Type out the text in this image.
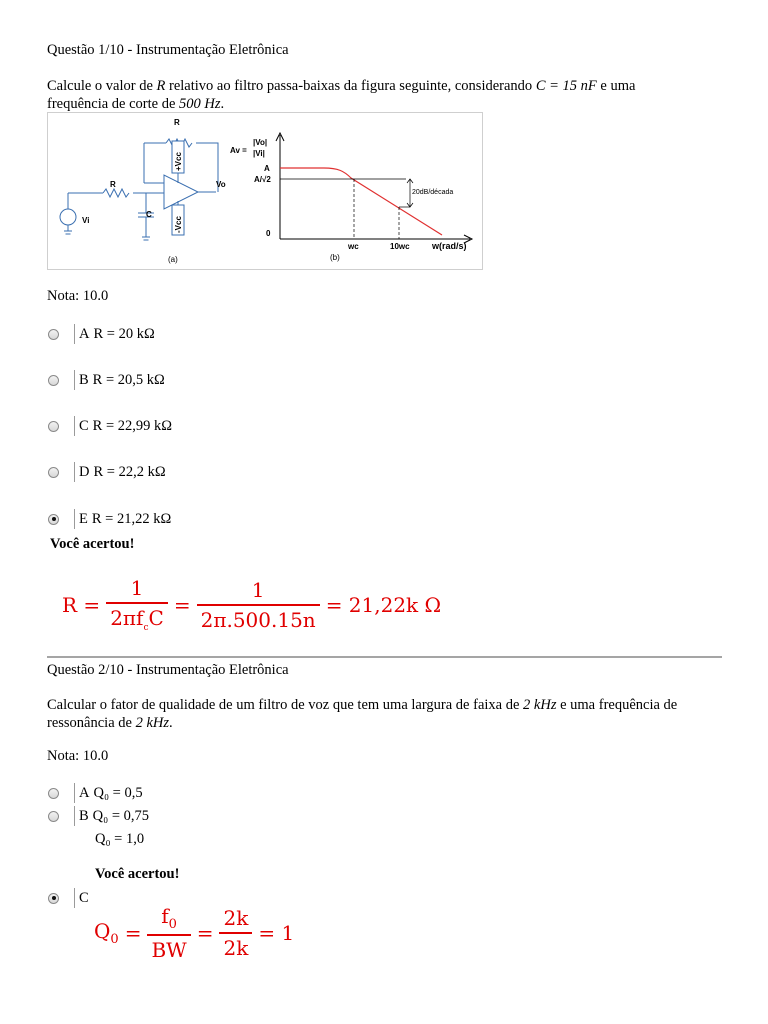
Questão 1/10 - Instrumentação Eletrônica
Calcule o valor de R relativo ao filtro passa-baixas da figura seguinte, considerando C = 15 nF e uma
frequência de corte de 500 Hz.
R
+Vcc
R	Vo
C
-Vcc
Vi
(a)
Av =
|Vo|
|Vi|
A
A/√2
0
20dB/década
wc	10wc w(rad/s)
(b)
Nota: 10.0
A R = 20 kΩ
B R = 20,5 kΩ
C R = 22,99 kΩ
D R = 22,2 kΩ
E R = 21,22 kΩ
Você acertou!
$R = \frac{1}{2\pi f_cC} = \frac{1}{2\pi.500.15n} = 21,22k$ Ω
Questão 2/10 - Instrumentação Eletrônica
Calcular o fator de qualidade de um filtro de voz que tem uma largura de faixa de 2 kHz e uma frequência de
ressonância de 2 kHz.
Nota: 10.0
A Q₀ = 0,5
B Q₀ = 0,75
Q₀ = 1,0
Você acertou!
C
$Q_0 = \frac{f_0}{BW} = \frac{2k}{2k} = 1$
